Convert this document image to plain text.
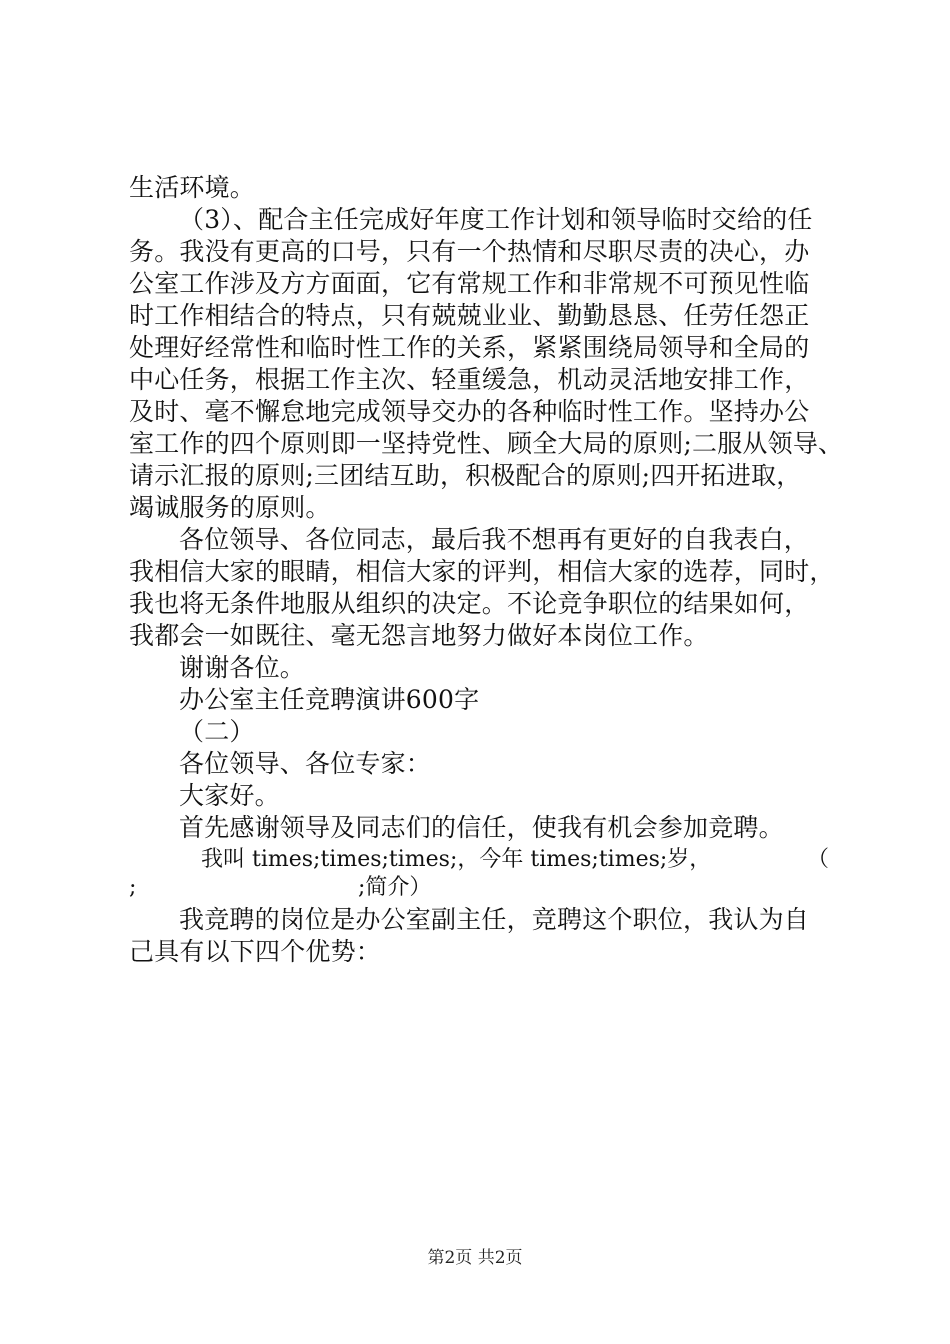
生活环境。
（3）、配合主任完成好年度工作计划和领导临时交给的任
务。我没有更高的口号，只有一个热情和尽职尽责的决心，办
公室工作涉及方方面面，它有常规工作和非常规不可预见性临
时工作相结合的特点，只有兢兢业业、勤勤恳恳、任劳任怨正
处理好经常性和临时性工作的关系，紧紧围绕局领导和全局的
中心任务，根据工作主次、轻重缓急，机动灵活地安排工作，
及时、毫不懈怠地完成领导交办的各种临时性工作。坚持办公
室工作的四个原则即一坚持党性、顾全大局的原则;二服从领导、
请示汇报的原则;三团结互助，积极配合的原则;四开拓进取，
竭诚服务的原则。
各位领导、各位同志，最后我不想再有更好的自我表白，
我相信大家的眼睛，相信大家的评判，相信大家的选荐，同时，
我也将无条件地服从组织的决定。不论竞争职位的结果如何，
我都会一如既往、毫无怨言地努力做好本岗位工作。
谢谢各位。
办公室主任竞聘演讲600字
（二）
各位领导、各位专家：
大家好。
首先感谢领导及同志们的信任，使我有机会参加竞聘。
我叫 times;times;times;，今年 times;times;岁，	（
;	;简介）
我竞聘的岗位是办公室副主任，竞聘这个职位，我认为自
己具有以下四个优势：
第2页 共2页
